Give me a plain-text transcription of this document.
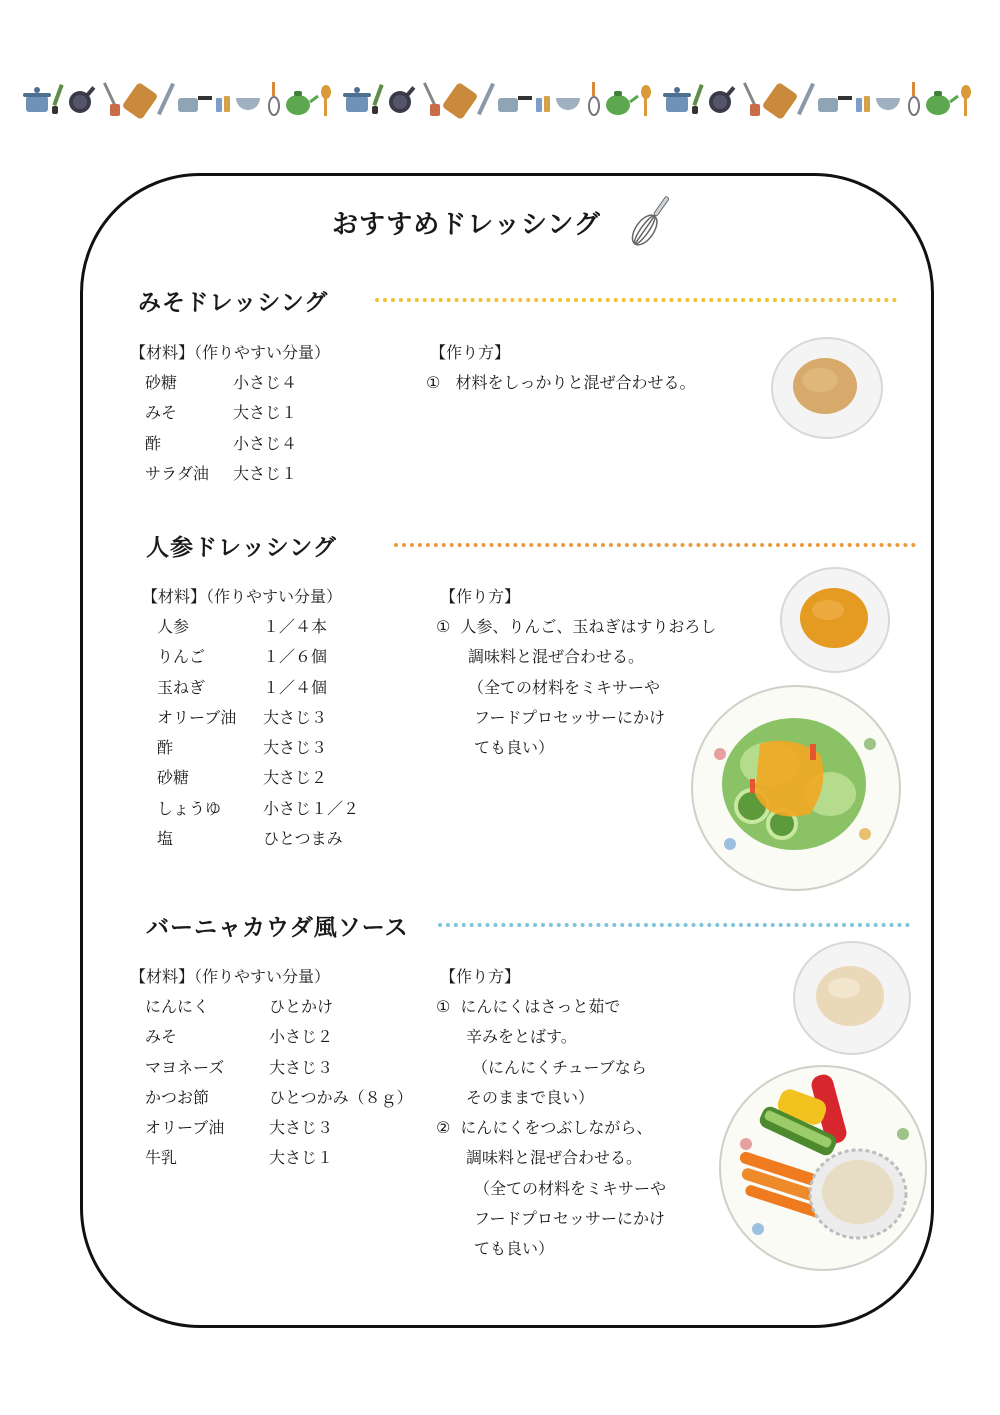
おすすめドレッシング
みそドレッシング
【材料】（作りやすい分量）
砂糖	小さじ４
みそ	大さじ１
酢	小さじ４
サラダ油 大さじ１
【作り方】
① 材料をしっかりと混ぜ合わせる。
人参ドレッシング
【材料】（作りやすい分量）
人参	１／４本
りんご	１／６個
玉ねぎ	１／４個
オリーブ油 大さじ３
酢	大さじ３
砂糖	大さじ２
しょうゆ	小さじ１／２
塩	ひとつまみ
【作り方】
① 人参、りんご、玉ねぎはすりおろし
調味料と混ぜ合わせる。
（全ての材料をミキサーや
フードプロセッサーにかけ
ても良い）
バーニャカウダ風ソース
【材料】（作りやすい分量）
にんにく	ひとかけ
みそ	小さじ２
マヨネーズ	大さじ３
かつお節	ひとつかみ（８ｇ）
オリーブ油	大さじ３
牛乳	大さじ１
【作り方】
① にんにくはさっと茹で
辛みをとばす。
（にんにくチューブなら
そのままで良い）
② にんにくをつぶしながら、
調味料と混ぜ合わせる。
（全ての材料をミキサーや
フードプロセッサーにかけ
ても良い）
